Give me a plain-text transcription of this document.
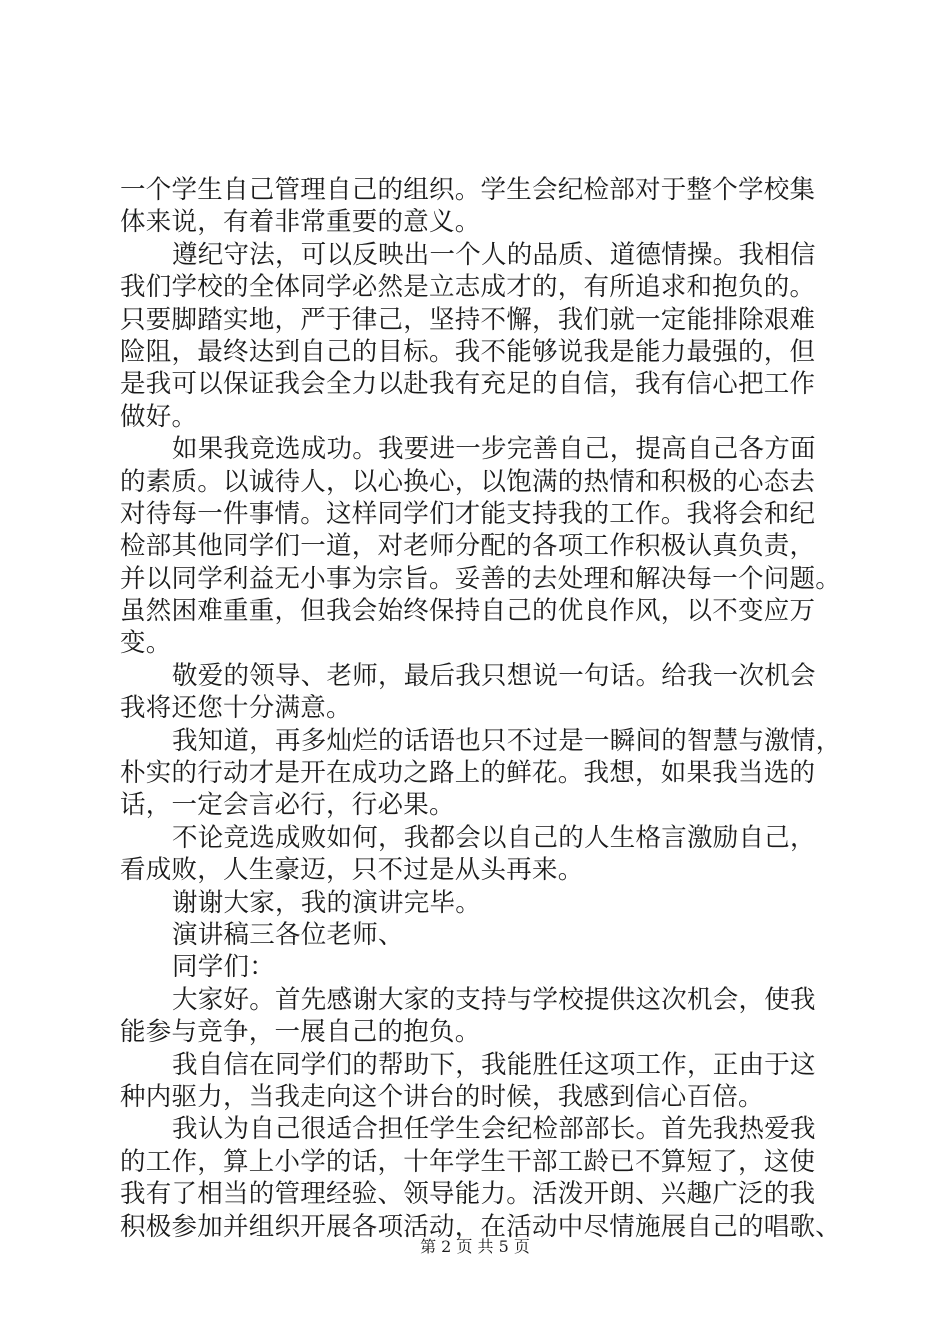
一个学生自己管理自己的组织。学生会纪检部对于整个学校集
体来说，有着非常重要的意义。
遵纪守法，可以反映出一个人的品质、道德情操。我相信
我们学校的全体同学必然是立志成才的，有所追求和抱负的。
只要脚踏实地，严于律己，坚持不懈，我们就一定能排除艰难
险阻，最终达到自己的目标。我不能够说我是能力最强的，但
是我可以保证我会全力以赴我有充足的自信，我有信心把工作
做好。
如果我竞选成功。我要进一步完善自己，提高自己各方面
的素质。以诚待人，以心换心，以饱满的热情和积极的心态去
对待每一件事情。这样同学们才能支持我的工作。我将会和纪
检部其他同学们一道，对老师分配的各项工作积极认真负责，
并以同学利益无小事为宗旨。妥善的去处理和解决每一个问题。
虽然困难重重，但我会始终保持自己的优良作风，以不变应万
变。
敬爱的领导、老师，最后我只想说一句话。给我一次机会
我将还您十分满意。
我知道，再多灿烂的话语也只不过是一瞬间的智慧与激情，
朴实的行动才是开在成功之路上的鲜花。我想，如果我当选的
话，一定会言必行，行必果。
不论竞选成败如何，我都会以自己的人生格言激励自己，
看成败，人生豪迈，只不过是从头再来。
谢谢大家，我的演讲完毕。
演讲稿三各位老师、
同学们：
大家好。首先感谢大家的支持与学校提供这次机会，使我
能参与竞争，一展自己的抱负。
我自信在同学们的帮助下，我能胜任这项工作，正由于这
种内驱力，当我走向这个讲台的时候，我感到信心百倍。
我认为自己很适合担任学生会纪检部部长。首先我热爱我
的工作，算上小学的话，十年学生干部工龄已不算短了，这使
我有了相当的管理经验、领导能力。活泼开朗、兴趣广泛的我
积极参加并组织开展各项活动，在活动中尽情施展自己的唱歌、
第 2 页 共 5 页
